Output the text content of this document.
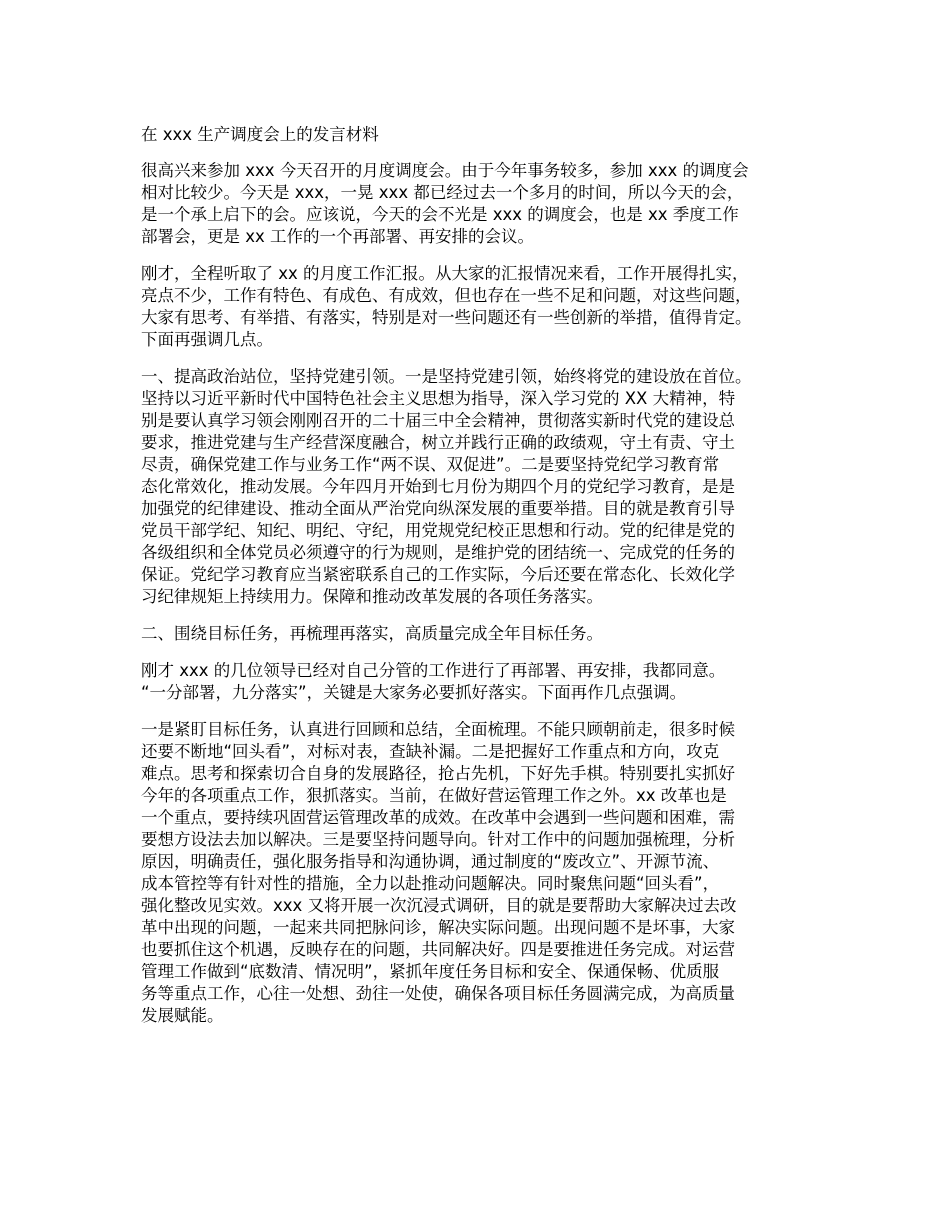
在 xxx 生产调度会上的发言材料
很高兴来参加 xxx 今天召开的月度调度会。由于今年事务较多，参加 xxx 的调度会
相对比较少。今天是 xxx，一晃 xxx 都已经过去一个多月的时间，所以今天的会，
是一个承上启下的会。应该说，今天的会不光是 xxx 的调度会，也是 xx 季度工作
部署会，更是 xx 工作的一个再部署、再安排的会议。
刚才，全程听取了 xx 的月度工作汇报。从大家的汇报情况来看，工作开展得扎实，
亮点不少，工作有特色、有成色、有成效，但也存在一些不足和问题，对这些问题，
大家有思考、有举措、有落实，特别是对一些问题还有一些创新的举措，值得肯定。
下面再强调几点。
一、提高政治站位，坚持党建引领。一是坚持党建引领，始终将党的建设放在首位。
坚持以习近平新时代中国特色社会主义思想为指导，深入学习党的 XX 大精神，特
别是要认真学习领会刚刚召开的二十届三中全会精神，贯彻落实新时代党的建设总
要求，推进党建与生产经营深度融合，树立并践行正确的政绩观，守土有责、守土
尽责，确保党建工作与业务工作“两不误、双促进”。二是要坚持党纪学习教育常
态化常效化，推动发展。今年四月开始到七月份为期四个月的党纪学习教育，是是
加强党的纪律建设、推动全面从严治党向纵深发展的重要举措。目的就是教育引导
党员干部学纪、知纪、明纪、守纪，用党规党纪校正思想和行动。党的纪律是党的
各级组织和全体党员必须遵守的行为规则，是维护党的团结统一、完成党的任务的
保证。党纪学习教育应当紧密联系自己的工作实际，今后还要在常态化、长效化学
习纪律规矩上持续用力。保障和推动改革发展的各项任务落实。
二、围绕目标任务，再梳理再落实，高质量完成全年目标任务。
刚才 xxx 的几位领导已经对自己分管的工作进行了再部署、再安排，我都同意。
“一分部署，九分落实”，关键是大家务必要抓好落实。下面再作几点强调。
一是紧盯目标任务，认真进行回顾和总结，全面梳理。不能只顾朝前走，很多时候
还要不断地“回头看”，对标对表，查缺补漏。二是把握好工作重点和方向，攻克
难点。思考和探索切合自身的发展路径，抢占先机，下好先手棋。特别要扎实抓好
今年的各项重点工作，狠抓落实。当前，在做好营运管理工作之外。xx 改革也是
一个重点，要持续巩固营运管理改革的成效。在改革中会遇到一些问题和困难，需
要想方设法去加以解决。三是要坚持问题导向。针对工作中的问题加强梳理，分析
原因，明确责任，强化服务指导和沟通协调，通过制度的“废改立”、开源节流、
成本管控等有针对性的措施，全力以赴推动问题解决。同时聚焦问题“回头看”，
强化整改见实效。xxx 又将开展一次沉浸式调研，目的就是要帮助大家解决过去改
革中出现的问题，一起来共同把脉问诊，解决实际问题。出现问题不是坏事，大家
也要抓住这个机遇，反映存在的问题，共同解决好。四是要推进任务完成。对运营
管理工作做到“底数清、情况明”，紧抓年度任务目标和安全、保通保畅、优质服
务等重点工作，心往一处想、劲往一处使，确保各项目标任务圆满完成，为高质量
发展赋能。
